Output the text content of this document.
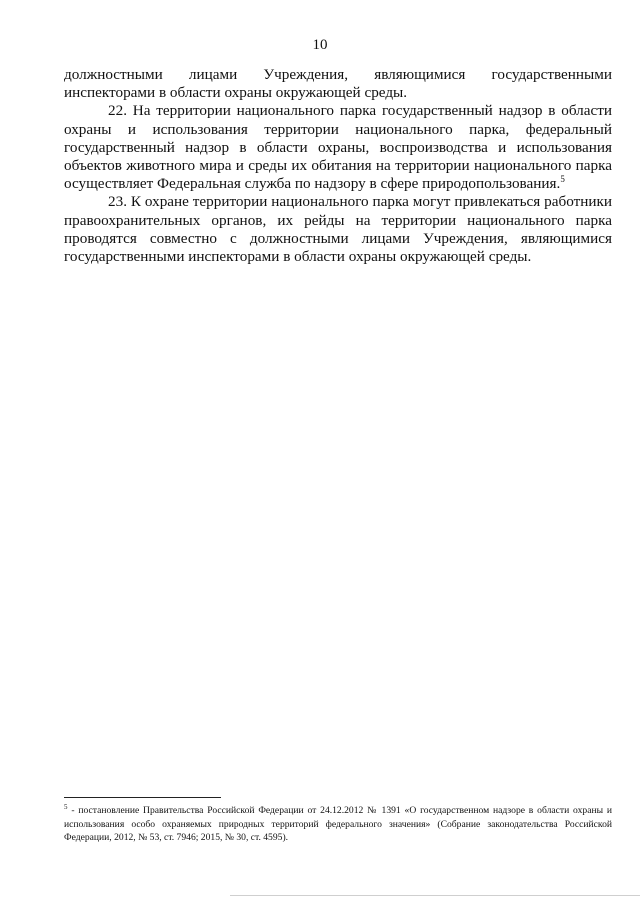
10

должностными лицами Учреждения, являющимися государственными инспекторами в области охраны окружающей среды.

22. На территории национального парка государственный надзор в области охраны и использования территории национального парка, федеральный государственный надзор в области охраны, воспроизводства и использования объектов животного мира и среды их обитания на территории национального парка осуществляет Федеральная служба по надзору в сфере природопользования.$^5$

23. К охране территории национального парка могут привлекаться работники правоохранительных органов, их рейды на территории национального парка проводятся совместно с должностными лицами Учреждения, являющимися государственными инспекторами в области охраны окружающей среды.

$^5$ - постановление Правительства Российской Федерации от 24.12.2012 № 1391 «О государственном надзоре в области охраны и использования особо охраняемых природных территорий федерального значения» (Собрание законодательства Российской Федерации, 2012, № 53, ст. 7946; 2015, № 30, ст. 4595).
